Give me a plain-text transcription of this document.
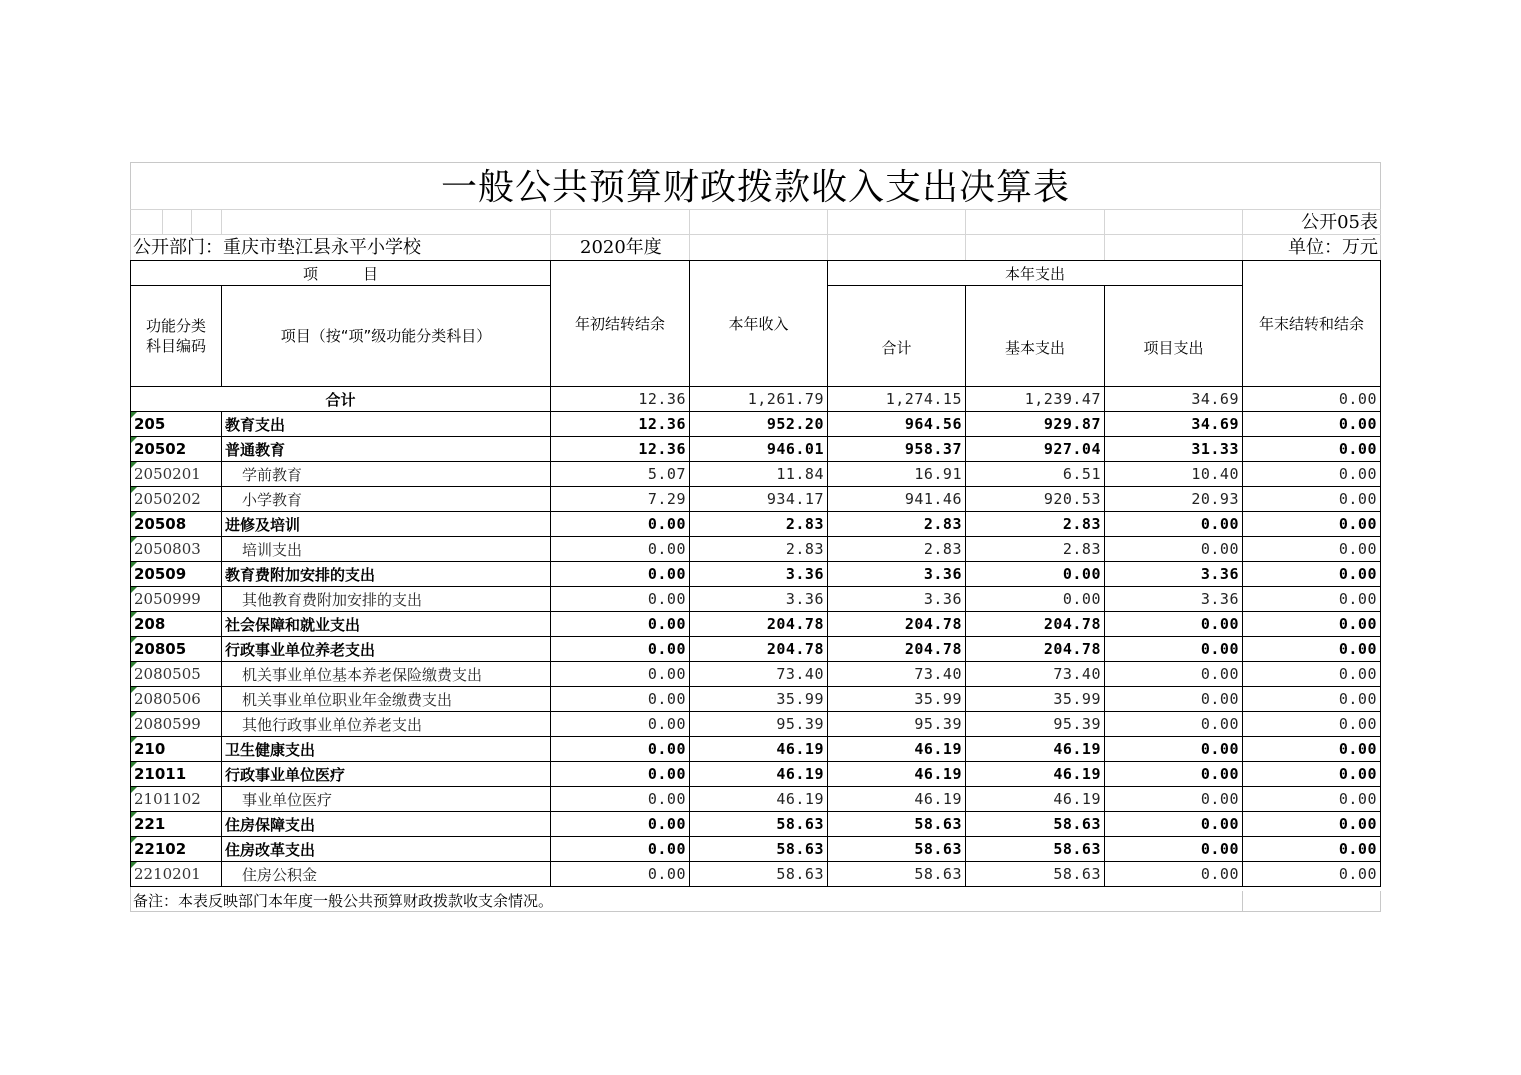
一般公共预算财政拨款收入支出决算表
公开05表
公开部门：重庆市垫江县永平小学校	2020年度	单位：万元
项　　　目		年初结转结余	本年收入	本年支出			年末结转和结余
功能分类
科目编码	项目（按“项”级功能分类科目）			合计	基本支出	项目支出	
合计		12.36	1,261.79	1,274.15	1,239.47	34.69	0.00

205	教育支出	12.36	952.20	964.56	929.87	34.69	0.00

20502	普通教育	12.36	946.01	958.37	927.04	31.33	0.00

2050201	学前教育	5.07	11.84	16.91	6.51	10.40	0.00

2050202	小学教育	7.29	934.17	941.46	920.53	20.93	0.00

20508	进修及培训	0.00	2.83	2.83	2.83	0.00	0.00

2050803	培训支出	0.00	2.83	2.83	2.83	0.00	0.00

20509	教育费附加安排的支出	0.00	3.36	3.36	0.00	3.36	0.00

2050999	其他教育费附加安排的支出	0.00	3.36	3.36	0.00	3.36	0.00

208	社会保障和就业支出	0.00	204.78	204.78	204.78	0.00	0.00

20805	行政事业单位养老支出	0.00	204.78	204.78	204.78	0.00	0.00

2080505	机关事业单位基本养老保险缴费支出	0.00	73.40	73.40	73.40	0.00	0.00

2080506	机关事业单位职业年金缴费支出	0.00	35.99	35.99	35.99	0.00	0.00

2080599	其他行政事业单位养老支出	0.00	95.39	95.39	95.39	0.00	0.00

210	卫生健康支出	0.00	46.19	46.19	46.19	0.00	0.00

21011	行政事业单位医疗	0.00	46.19	46.19	46.19	0.00	0.00

2101102	事业单位医疗	0.00	46.19	46.19	46.19	0.00	0.00

221	住房保障支出	0.00	58.63	58.63	58.63	0.00	0.00

22102	住房改革支出	0.00	58.63	58.63	58.63	0.00	0.00

2210201	住房公积金	0.00	58.63	58.63	58.63	0.00	0.00
备注：本表反映部门本年度一般公共预算财政拨款收支余情况。
